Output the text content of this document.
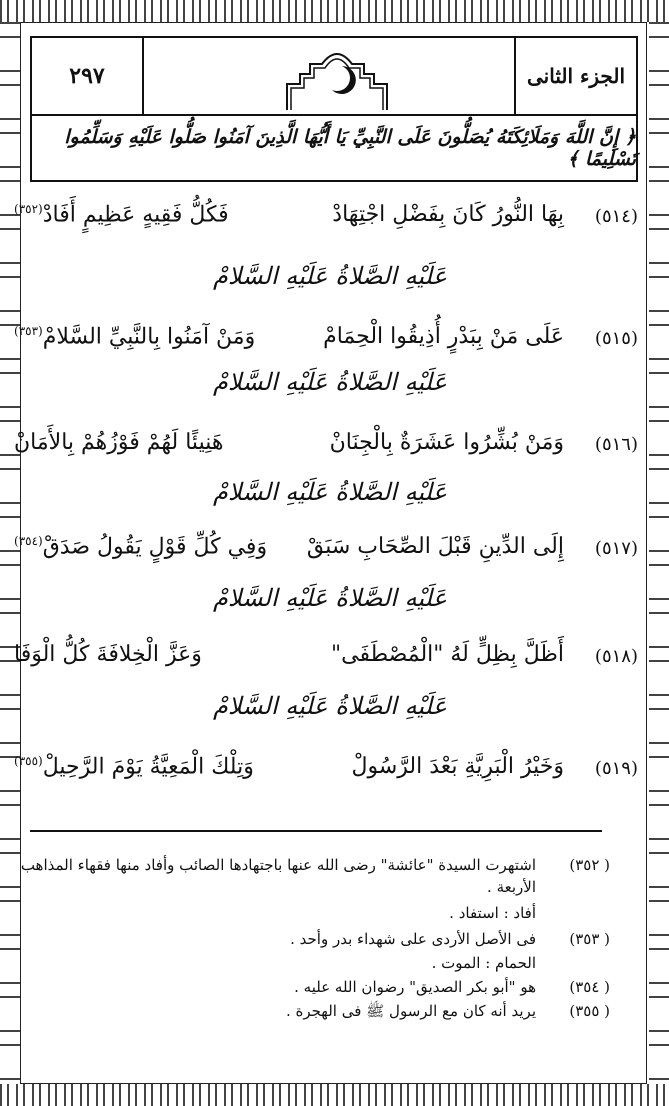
٢٩٧	الجزء الثانى
﴿ إِنَّ اللَّهَ وَمَلَائِكَتَهُ يُصَلُّونَ عَلَى النَّبِيِّ يَا أَيُّهَا الَّذِينَ آمَنُوا صَلُّوا عَلَيْهِ وَسَلِّمُوا تَسْلِيمًا ﴾
(٥١٤)
بِهَا النُّورُ كَانَ بِفَضْلِ اجْتِهَادْ
فَكُلُّ فَقِيهٍ عَظِيمٍ أَفَادْ$^{(٣٥٢)}$
عَلَيْهِ الصَّلاةُ عَلَيْهِ السَّلامْ
(٥١٥)
عَلَى مَنْ بِبَدْرٍ أُذِيقُوا الْحِمَامْ
وَمَنْ آمَنُوا بِالنَّبِيِّ السَّلامْ$^{(٣٥٣)}$
عَلَيْهِ الصَّلاةُ عَلَيْهِ السَّلامْ
(٥١٦)
وَمَنْ بُشِّرُوا عَشَرَةٌ بِالْجِنَانْ
هَنِيئًا لَهُمْ فَوْزُهُمْ بِالأَمَانْ
عَلَيْهِ الصَّلاةُ عَلَيْهِ السَّلامْ
(٥١٧)
إِلَى الدِّينِ قَبْلَ الصِّحَابِ سَبَقْ
وَفِي كُلِّ قَوْلٍ يَقُولُ صَدَقْ$^{(٣٥٤)}$
عَلَيْهِ الصَّلاةُ عَلَيْهِ السَّلامْ
(٥١٨)
أَظَلَّ بِظِلٍّ لَهُ "الْمُصْطَفَى"
وَعَزَّ الْخِلافَةَ كُلُّ الْوَفَا
عَلَيْهِ الصَّلاةُ عَلَيْهِ السَّلامْ
(٥١٩)
وَخَيْرُ الْبَرِيَّةِ بَعْدَ الرَّسُولْ
وَتِلْكَ الْمَعِيَّةُ يَوْمَ الرَّحِيلْ$^{(٣٥٥)}$
( ٣٥٢)اشتهرت السيدة "عائشة" رضى الله عنها باجتهادها الصائب وأفاد منها فقهاء المذاهب
الأربعة .
أفاد : استفاد .
( ٣٥٣)فى الأصل الأردى على شهداء بدر وأحد .
الحمام : الموت .
( ٣٥٤)هو "أبو بكر الصديق" رضوان الله عليه .
( ٣٥٥)يريد أنه كان مع الرسول ﷺ فى الهجرة .
